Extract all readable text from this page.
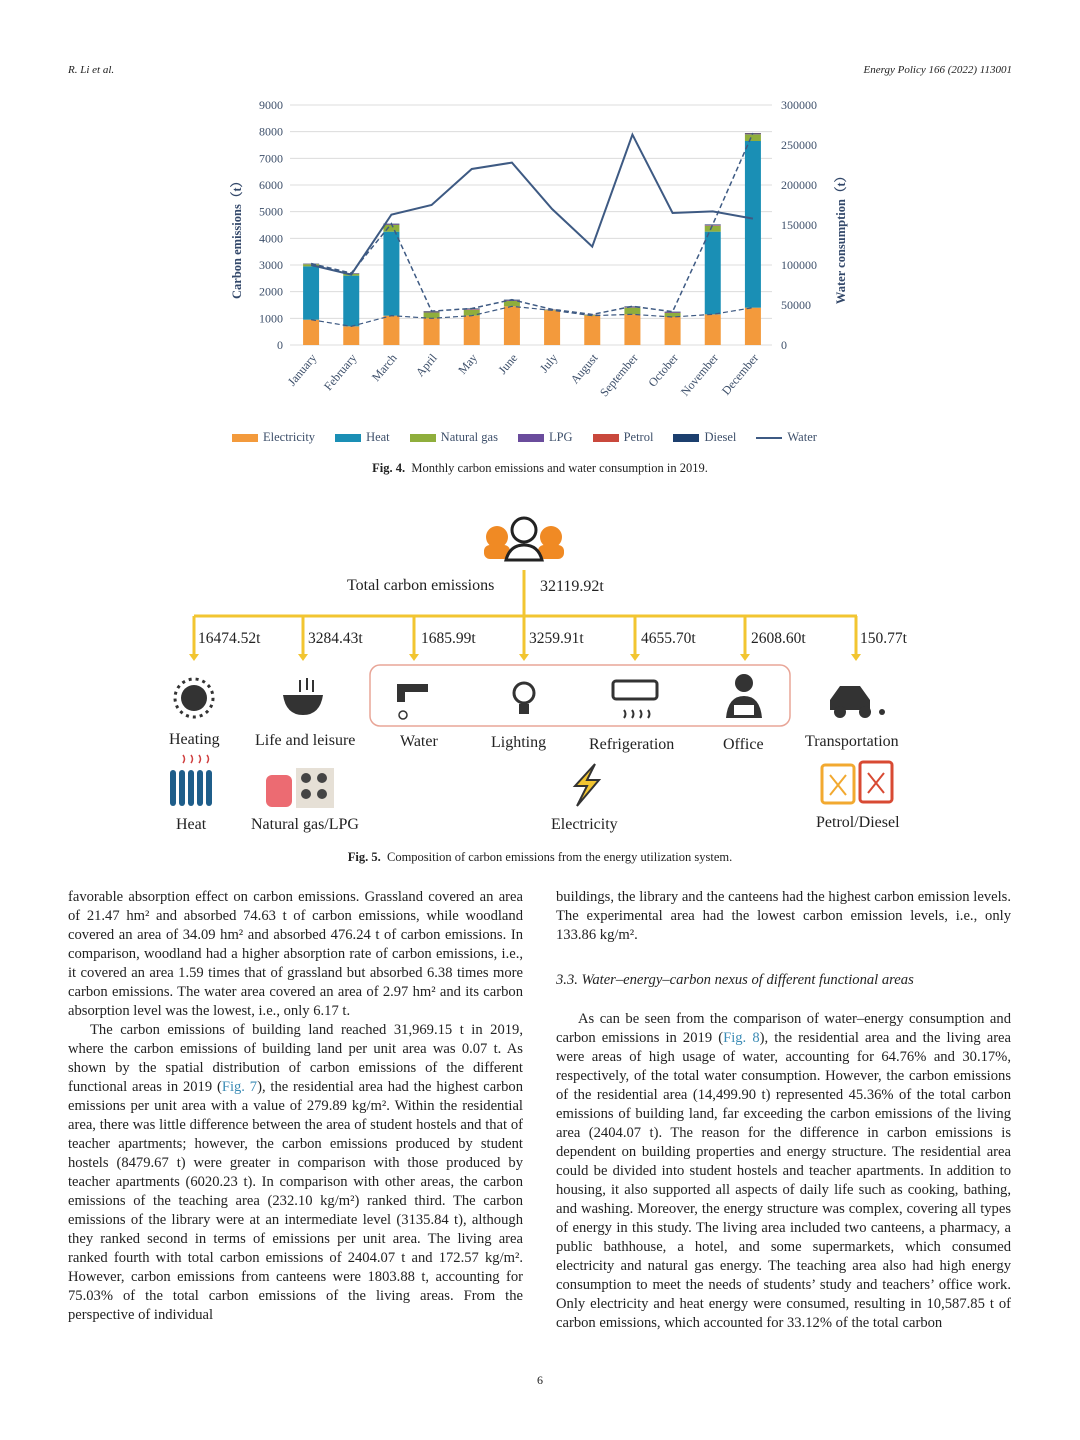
R. Li et al.	Energy Policy 166 (2022) 113001
0
1000
2000
3000
4000
5000
6000
7000
8000
9000
0
50000
100000
150000
200000
250000
300000
Carbon emissions（t）	Water consumption（t）
January February March April May June July August
September October
November
December
Electricity	Heat	Natural gas	LPG	Petrol	Diesel	Water
Fig. 4. Monthly carbon emissions and water consumption in 2019.
Total carbon emissions	32119.92t
16474.52t	3284.43t	1685.99t	3259.91t	4655.70t	2608.60t	150.77t
Heating Life and leisure	Water	Lighting	Refrigeration	Office	Transportation
Heat	Natural gas/LPG	Electricity	Petrol/Diesel
Fig. 5. Composition of carbon emissions from the energy utilization system.

favorable absorption effect on carbon emissions. Grassland covered an area of 21.47 hm² and absorbed 74.63 t of carbon emissions, while woodland covered an area of 34.09 hm² and absorbed 476.24 t of carbon emissions. In comparison, woodland had a higher absorption rate of carbon emissions, i.e., it covered an area 1.59 times that of grassland but absorbed 6.38 times more carbon emissions. The water area covered an area of 2.97 hm² and its carbon absorption level was the lowest, i.e., only 6.17 t.

The carbon emissions of building land reached 31,969.15 t in 2019, where the carbon emissions of building land per unit area was 0.07 t. As shown by the spatial distribution of carbon emissions of the different functional areas in 2019 (Fig. 7), the residential area had the highest carbon emissions per unit area with a value of 279.89 kg/m². Within the residential area, there was little difference between the area of student hostels and that of teacher apartments; however, the carbon emissions produced by student hostels (8479.67 t) were greater in comparison with those produced by teacher apartments (6020.23 t). In comparison with other areas, the carbon emissions of the teaching area (232.10 kg/m²) ranked third. The carbon emissions of the library were at an intermediate level (3135.84 t), although they ranked second in terms of emissions per unit area. The living area ranked fourth with total carbon emissions of 2404.07 t and 172.57 kg/m². However, carbon emissions from canteens were 1803.88 t, accounting for 75.03% of the total carbon emissions of the living areas. From the perspective of individual

buildings, the library and the canteens had the highest carbon emission levels. The experimental area had the lowest carbon emission levels, i.e., only 133.86 kg/m².

3.3. Water–energy–carbon nexus of different functional areas

As can be seen from the comparison of water–energy consumption and carbon emissions in 2019 (Fig. 8), the residential area and the living area were areas of high usage of water, accounting for 64.76% and 30.17%, respectively, of the total water consumption. However, the carbon emissions of the residential area (14,499.90 t) represented 45.36% of the total carbon emissions of building land, far exceeding the carbon emissions of the living area (2404.07 t). The reason for the difference in carbon emissions is dependent on building properties and energy structure. The residential area could be divided into student hostels and teacher apartments. In addition to housing, it also supported all aspects of daily life such as cooking, bathing, and washing. Moreover, the energy structure was complex, covering all types of energy in this study. The living area included two canteens, a pharmacy, a public bathhouse, a hotel, and some supermarkets, which consumed electricity and natural gas energy. The teaching area also had high energy consumption to meet the needs of students’ study and teachers’ office work. Only electricity and heat energy were consumed, resulting in 10,587.85 t of carbon emissions, which accounted for 33.12% of the total carbon

6
